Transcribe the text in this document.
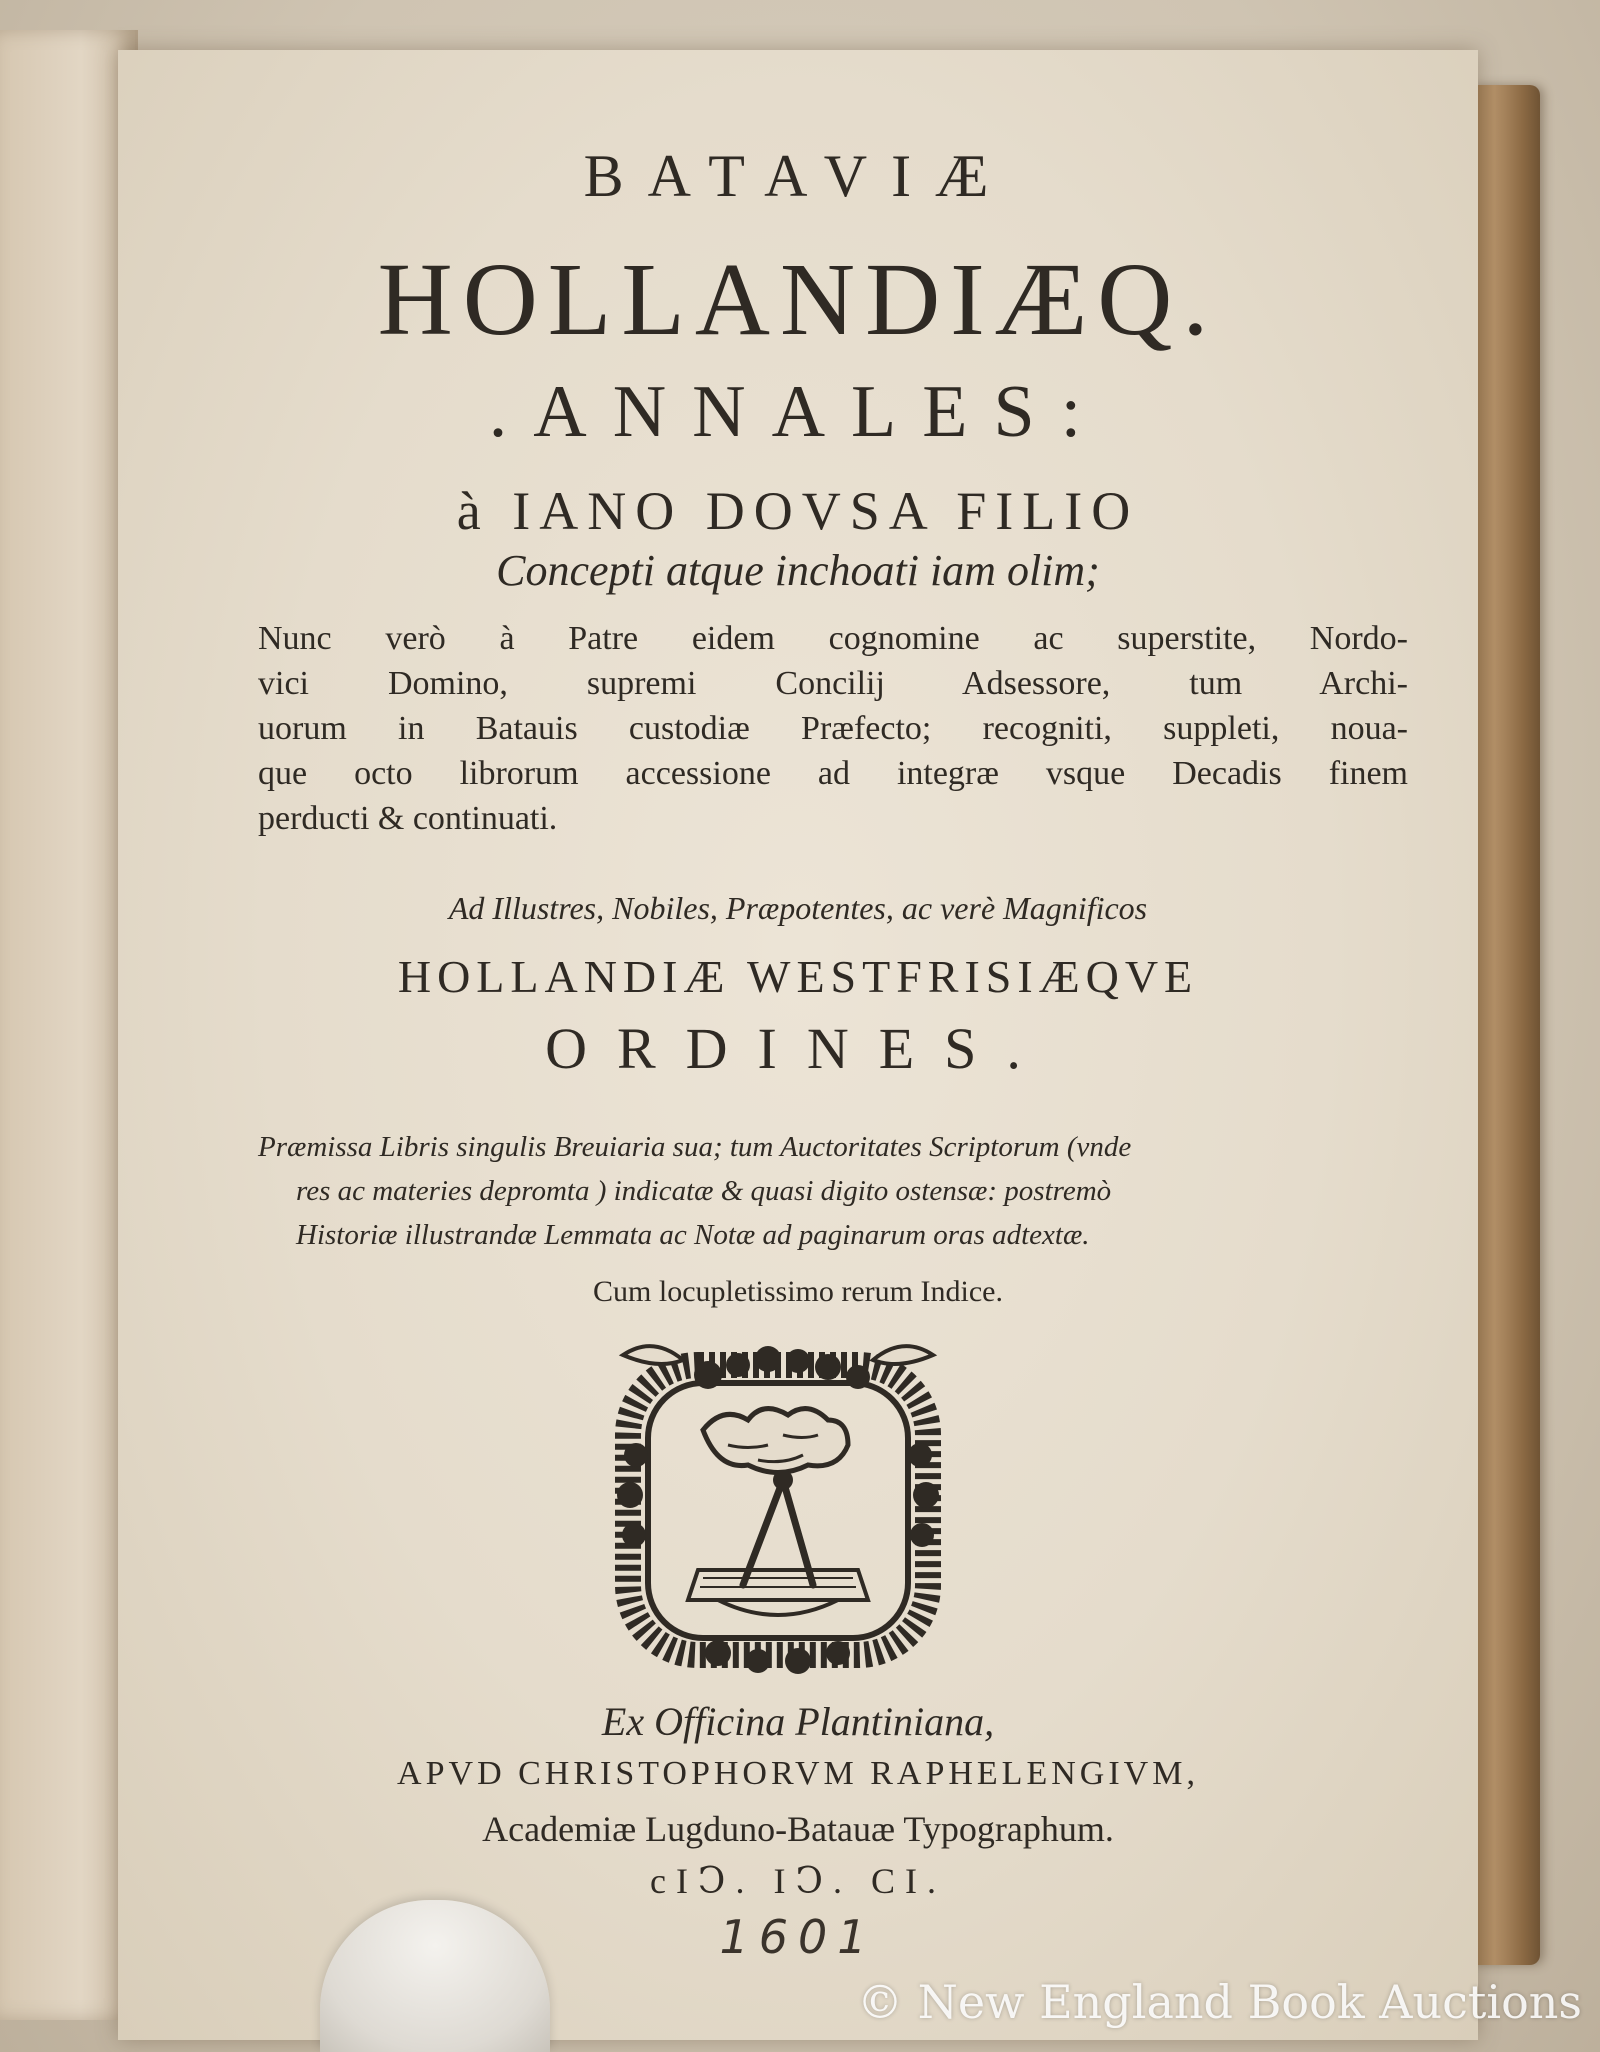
BATAVIÆ
HOLLANDIÆQ.
.ANNALES:
à IANO DOVSA FILIO
Concepti atque inchoati iam olim;
Nunc verò à Patre eidem cognomine ac superstite, Nordo-
vici Domino, supremi Concilij Adsessore, tum Archi-
uorum in Batauis custodiæ Præfecto; recogniti, suppleti, noua-
que octo librorum accessione ad integræ vsque Decadis finem
perducti & continuati.
Ad Illustres, Nobiles, Præpotentes, ac verè Magnificos
HOLLANDIÆ WESTFRISIÆQVE
ORDINES.
Præmissa Libris singulis Breuiaria sua; tum Auctoritates Scriptorum (vnde
res ac materies depromta ) indicatæ & quasi digito ostensæ: postremò
Historiæ illustrandæ Lemmata ac Notæ ad paginarum oras adtextæ.
Cum locupletissimo rerum Indice.
Ex Officina Plantiniana,
APVD CHRISTOPHORVM RAPHELENGIVM,
Academiæ Lugduno-Batauæ Typographum.
cIↃ. IↃ. CI.
1601
© New England Book Auctions
